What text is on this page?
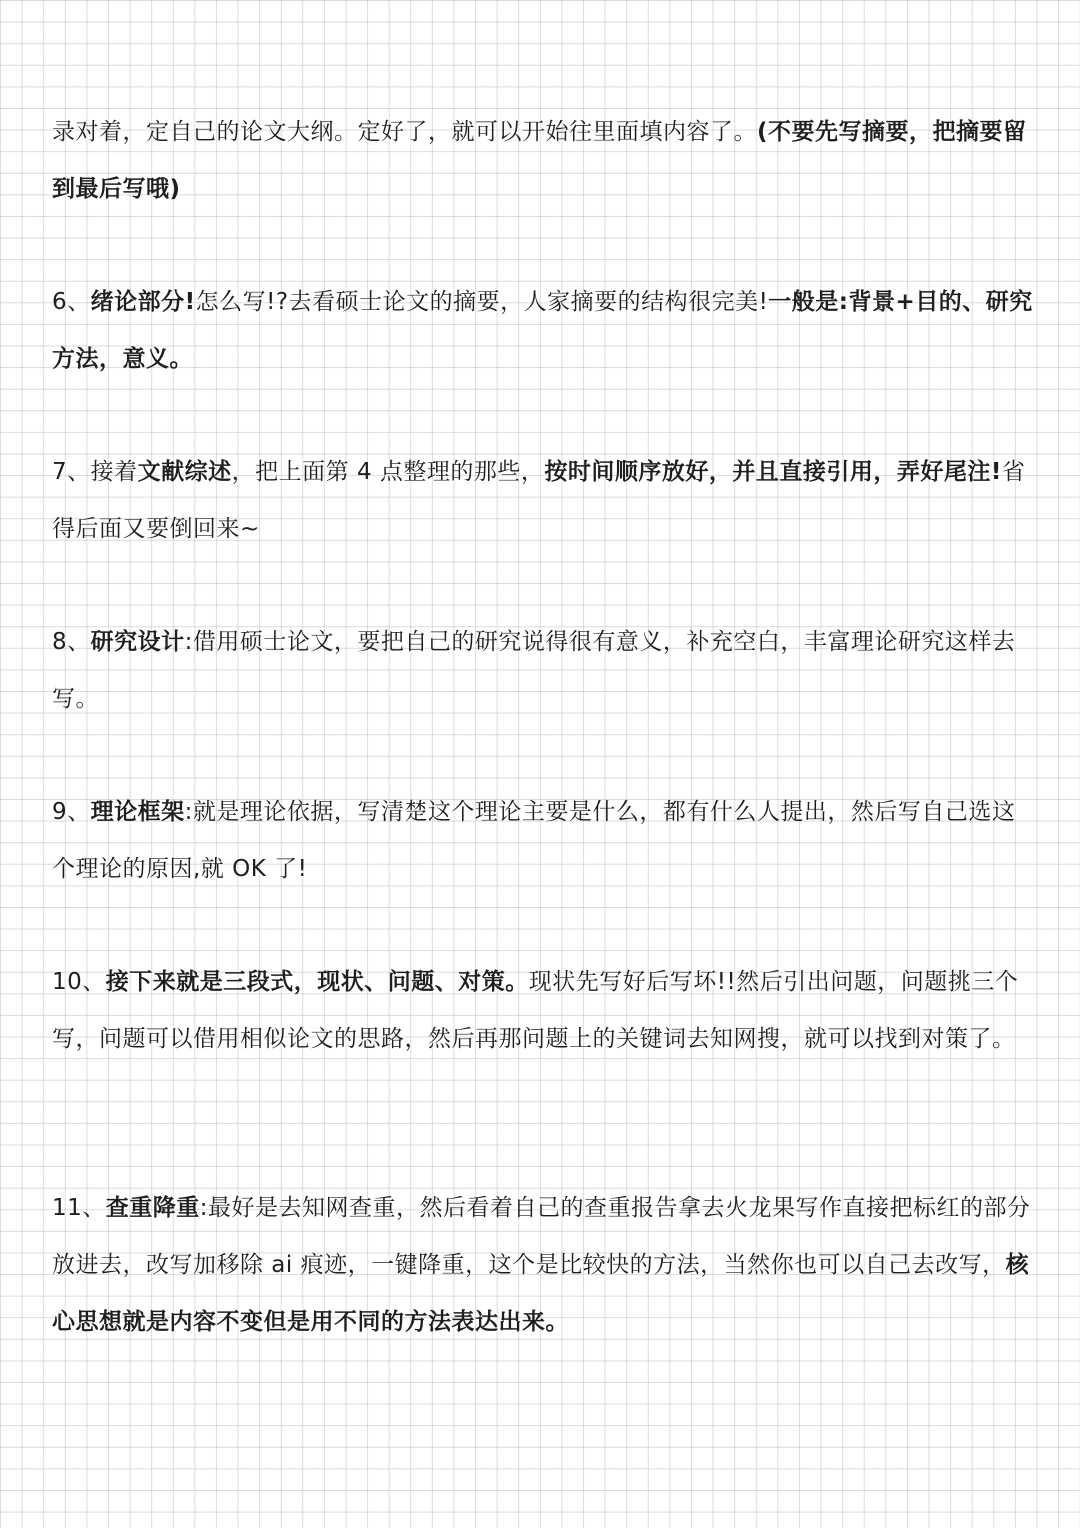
录对着，定自己的论文大纲。定好了，就可以开始往里面填内容了。(不要先写摘要，把摘要留到最后写哦)

6、绪论部分!怎么写!?去看硕士论文的摘要，人家摘要的结构很完美!一般是:背景+目的、研究方法，意义。

7、接着文献综述，把上面第 4 点整理的那些，按时间顺序放好，并且直接引用，弄好尾注!省得后面又要倒回来~

8、研究设计:借用硕士论文，要把自己的研究说得很有意义，补充空白，丰富理论研究这样去写。

9、理论框架:就是理论依据，写清楚这个理论主要是什么，都有什么人提出，然后写自己选这个理论的原因,就 OK 了!

10、接下来就是三段式，现状、问题、对策。现状先写好后写坏!!然后引出问题，问题挑三个写，问题可以借用相似论文的思路，然后再那问题上的关键词去知网搜，就可以找到对策了。

11、查重降重:最好是去知网查重，然后看着自己的查重报告拿去火龙果写作直接把标红的部分放进去，改写加移除 ai 痕迹，一键降重，这个是比较快的方法，当然你也可以自己去改写，核心思想就是内容不变但是用不同的方法表达出来。
